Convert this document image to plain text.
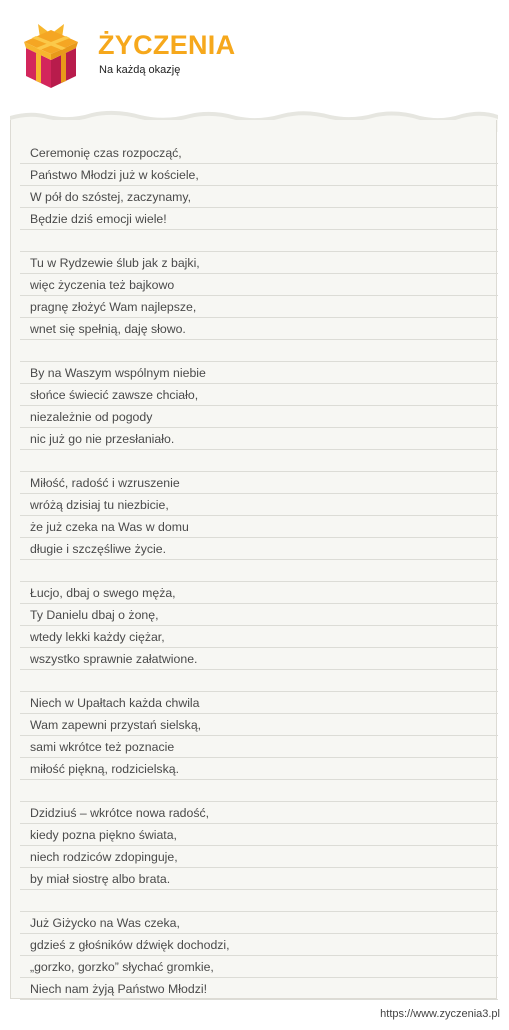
ŻYCZENIA
Na każdą okazję
Ceremonię czas rozpocząć,
Państwo Młodzi już w kościele,
W pół do szóstej, zaczynamy,
Będzie dziś emocji wiele!
Tu w Rydzewie ślub jak z bajki,
więc życzenia też bajkowo
pragnę złożyć Wam najlepsze,
wnet się spełnią, daję słowo.
By na Waszym wspólnym niebie
słońce świecić zawsze chciało,
niezależnie od pogody
nic już go nie przesłaniało.
Miłość, radość i wzruszenie
wróżą dzisiaj tu niezbicie,
że już czeka na Was w domu
długie i szczęśliwe życie.
Łucjo, dbaj o swego męża,
Ty Danielu dbaj o żonę,
wtedy lekki każdy ciężar,
wszystko sprawnie załatwione.
Niech w Upałtach każda chwila
Wam zapewni przystań sielską,
sami wkrótce też poznacie
miłość piękną, rodzicielską.
Dzidziuś – wkrótce nowa radość,
kiedy pozna piękno świata,
niech rodziców zdopinguje,
by miał siostrę albo brata.
Już Giżycko na Was czeka,
gdzieś z głośników dźwięk dochodzi,
„gorzko, gorzko” słychać gromkie,
Niech nam żyją Państwo Młodzi!
https://www.zyczenia3.pl
